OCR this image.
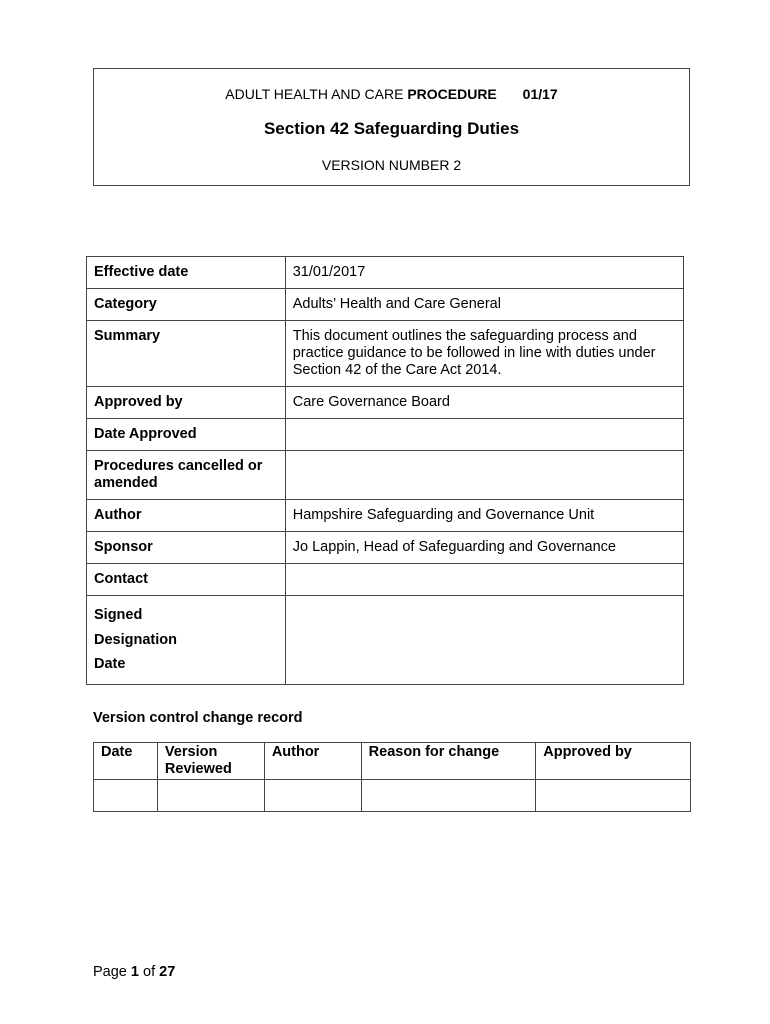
ADULT HEALTH AND CARE PROCEDURE 01/17
Section 42 Safeguarding Duties
VERSION NUMBER 2
Effective date	31/01/2017
Category	Adults’ Health and Care General
Summary	This document outlines the safeguarding process and practice guidance to be followed in line with duties under Section 42 of the Care Act 2014.
Approved by	Care Governance Board
Date Approved	
Procedures cancelled or amended	
Author	Hampshire Safeguarding and Governance Unit
Sponsor	Jo Lappin, Head of Safeguarding and Governance
Contact	

Signed
Designation
Date	

Version control change record
Date	Version Reviewed	Author	Reason for change	Approved by

Page 1 of 27
